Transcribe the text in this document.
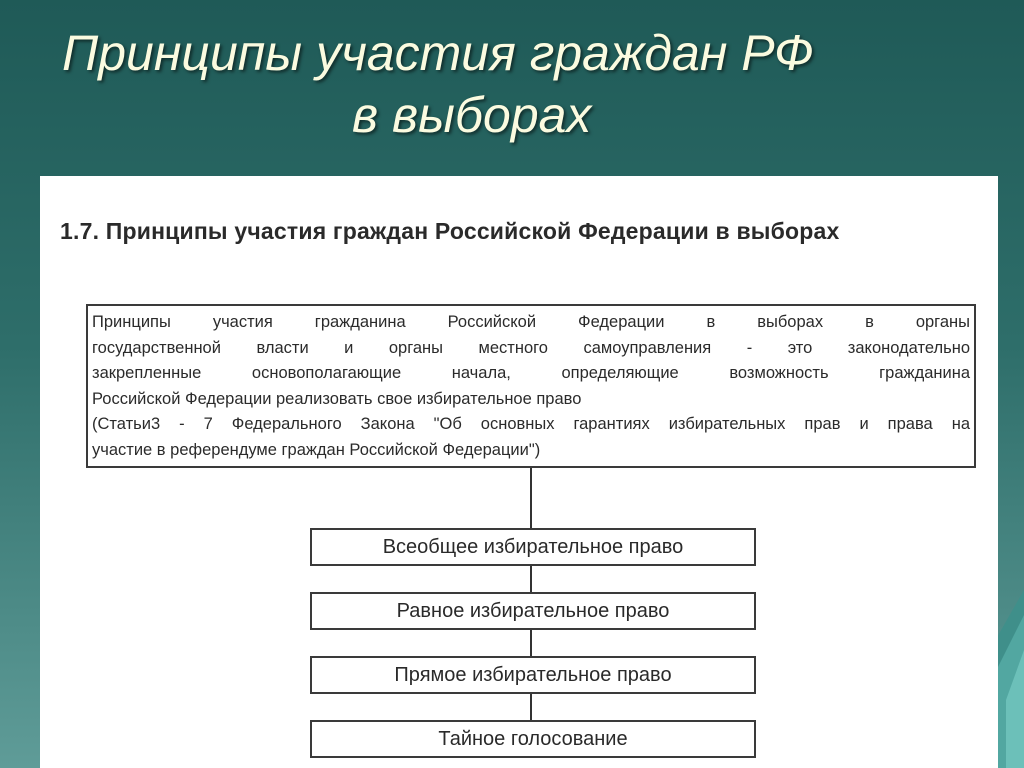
Принципы участия граждан РФ
в выборах
1.7. Принципы участия граждан Российской Федерации в выборах
Принципы участия гражданина Российской Федерации в выборах в органы
государственной власти и органы местного самоуправления - это законодательно
закрепленные основополагающие начала, определяющие возможность гражданина
Российской Федерации реализовать свое избирательное право
(Статьи3 - 7 Федерального Закона "Об основных гарантиях избирательных прав и права на
участие в референдуме граждан Российской Федерации")
Всеобщее избирательное право
Равное избирательное право
Прямое избирательное право
Тайное голосование
